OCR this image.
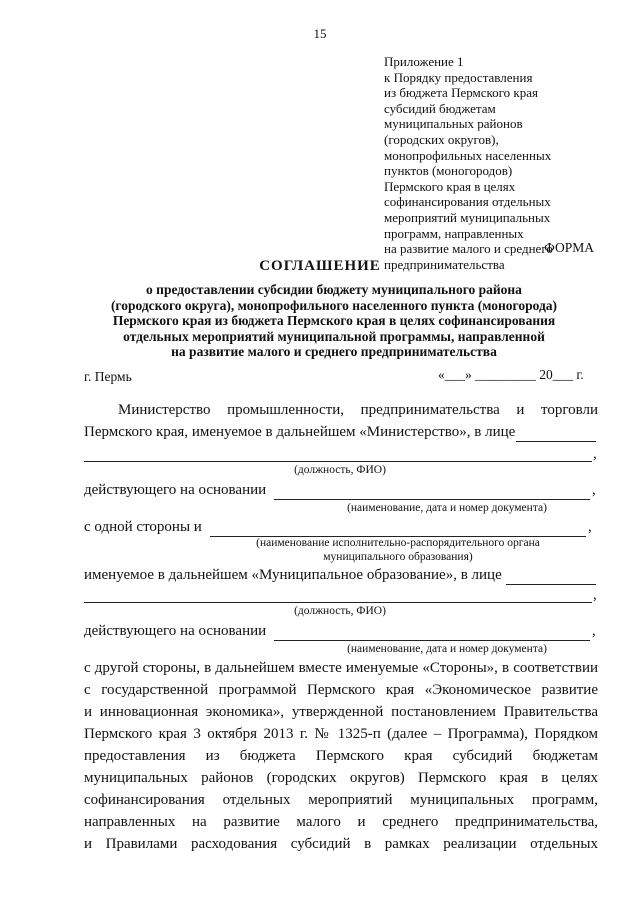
15
Приложение 1
к Порядку предоставления
из бюджета Пермского края
субсидий бюджетам
муниципальных районов
(городских округов),
монопрофильных населенных
пунктов (моногородов)
Пермского края в целях
софинансирования отдельных
мероприятий муниципальных
программ, направленных
на развитие малого и среднего
предпринимательства
ФОРМА
СОГЛАШЕНИЕ
о предоставлении субсидии бюджету муниципального района
(городского округа), монопрофильного населенного пункта (моногорода)
Пермского края из бюджета Пермского края в целях софинансирования
отдельных мероприятий муниципальной программы, направленной
на развитие малого и среднего предпринимательства
г. Пермь	«___» _________ 20___ г.
Министерство промышленности, предпринимательства и торговли
Пермского края, именуемое в дальнейшем «Министерство», в лице
,
(должность, ФИО)
действующего на основании	,
(наименование, дата и номер документа)
с одной стороны и	,
(наименование исполнительно-распорядительного органа
муниципального образования)
именуемое в дальнейшем «Муниципальное образование», в лице
,
(должность, ФИО)
действующего на основании	,
(наименование, дата и номер документа)
с другой стороны, в дальнейшем вместе именуемые «Стороны», в соответствии
с государственной программой Пермского края «Экономическое развитие
и инновационная экономика», утвержденной постановлением Правительства
Пермского края 3 октября 2013 г. № 1325-п (далее – Программа), Порядком
предоставления из бюджета Пермского края субсидий бюджетам
муниципальных районов (городских округов) Пермского края в целях
софинансирования отдельных мероприятий муниципальных программ,
направленных на развитие малого и среднего предпринимательства,
и Правилами расходования субсидий в рамках реализации отдельных
